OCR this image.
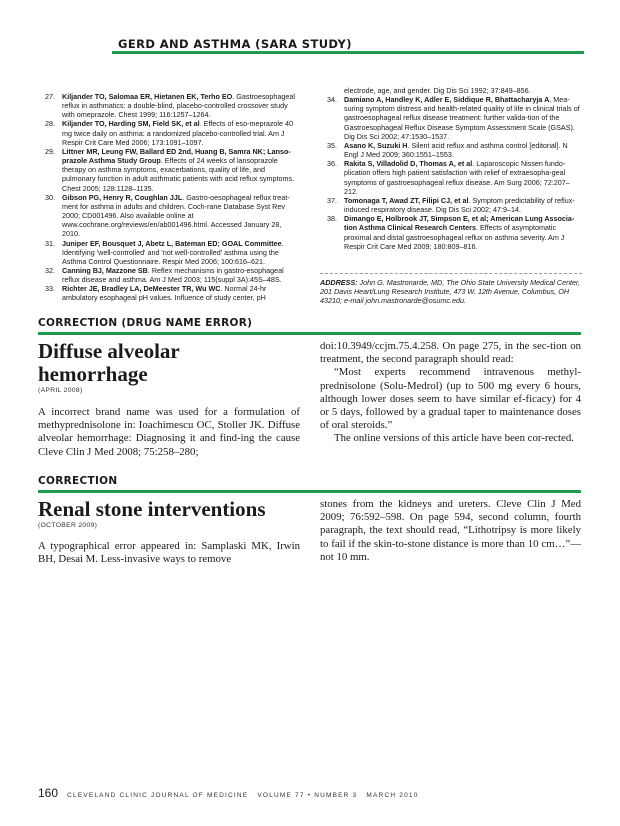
GERD AND ASTHMA (SARA STUDY)
27. Kiljander TO, Salomaa ER, Hietanen EK, Terho EO. Gastroesophageal reflux in asthmatics: a double-blind, placebo-controlled crossover study with omeprazole. Chest 1999; 116:1257–1264.
28. Kiljander TO, Harding SM, Field SK, et al. Effects of eso-meprazole 40 mg twice daily on asthma: a randomized placebo-controlled trial. Am J Respir Crit Care Med 2006; 173:1091–1097.
29. Littner MR, Leung FW, Ballard ED 2nd, Huang B, Samra NK; Lanso-prazole Asthma Study Group. Effects of 24 weeks of lansoprazole therapy on asthma symptoms, exacerbations, quality of life, and pulmonary function in adult asthmatic patients with acid reflux symptoms. Chest 2005; 128:1128–1135.
30. Gibson PG, Henry R, Coughlan JJL. Gastro-oesophageal reflux treat-ment for asthma in adults and children. Coch-rane Database Syst Rev 2000; CD001496. Also available online at www.cochrane.org/reviews/en/ab001496.html. Accessed January 28, 2010.
31. Juniper EF, Bousquet J, Abetz L, Bateman ED; GOAL Committee. Identifying 'well-controlled' and 'not well-controlled' asthma using the Asthma Control Questionnaire. Respir Med 2006; 100:616–621.
32. Canning BJ, Mazzone SB. Reflex mechanisms in gastro-esophageal reflux disease and asthma. Am J Med 2003; 115(suppl 3A):45S–48S.
33. Richter JE, Bradley LA, DeMeester TR, Wu WC. Normal 24-hr ambulatory esophageal pH values. Influence of study center, pH
electrode, age, and gender. Dig Dis Sci 1992; 37:849–856.
34. Damiano A, Handley K, Adler E, Siddique R, Bhattacharyja A. Mea-suring symptom distress and health-related quality of life in clinical trials of gastroesophageal reflux disease treatment: further valida-tion of the Gastroesophageal Reflux Disease Symptom Assessment Scale (GSAS). Dig Dis Sci 2002; 47:1530–1537.
35. Asano K, Suzuki H. Silent acid reflux and asthma control [editorial]. N Engl J Med 2009; 360:1551–1553.
36. Rakita S, Villadolid D, Thomas A, et al. Laparoscopic Nissen fundo-plication offers high patient satisfaction with relief of extraesopha-geal symptoms of gastroesophageal reflux disease. Am Surg 2006; 72:207–212.
37. Tomonaga T, Awad ZT, Filipi CJ, et al. Symptom predictability of reflux-induced respiratory disease. Dig Dis Sci 2002; 47:9–14.
38. Dimango E, Holbrook JT, Simpson E, et al; American Lung Associa-tion Asthma Clinical Research Centers. Effects of asymptomatic proximal and distal gastroesophageal reflux on asthma severity. Am J Respir Crit Care Med 2009; 180:809–816.
ADDRESS: John G. Mastronarde, MD, The Ohio State University Medical Center, 201 Davis Heart/Lung Research Institute, 473 W. 12th Avenue, Columbus, OH 43210; e-mail john.mastronarde@osumc.edu.
CORRECTION (DRUG NAME ERROR)
Diffuse alveolar
hemorrhage
(APRIL 2008)

A incorrect brand name was used for a formulation of methyprednisolone in: Ioachimescu OC, Stoller JK. Diffuse alveolar hemorrhage: Diagnosing it and find-ing the cause Cleve Clin J Med 2008; 75:258–280;

doi:10.3949/ccjm.75.4.258. On page 275, in the sec-tion on treatment, the second paragraph should read:

“Most experts recommend intravenous methyl-prednisolone (Solu-Medrol) (up to 500 mg every 6 hours, although lower doses seem to have similar ef-ficacy) for 4 or 5 days, followed by a gradual taper to maintenance doses of oral steroids.”

The online versions of this article have been cor-rected.

CORRECTION
Renal stone interventions
(OCTOBER 2009)

A typographical error appeared in: Samplaski MK, Irwin BH, Desai M. Less-invasive ways to remove

stones from the kidneys and ureters. Cleve Clin J Med 2009; 76:592–598. On page 594, second column, fourth paragraph, the text should read, “Lithotripsy is more likely to fail if the skin-to-stone distance is more than 10 cm…”—not 10 mm.

160 CLEVELAND CLINIC JOURNAL OF MEDICINE VOLUME 77 • NUMBER 3 MARCH 2010
